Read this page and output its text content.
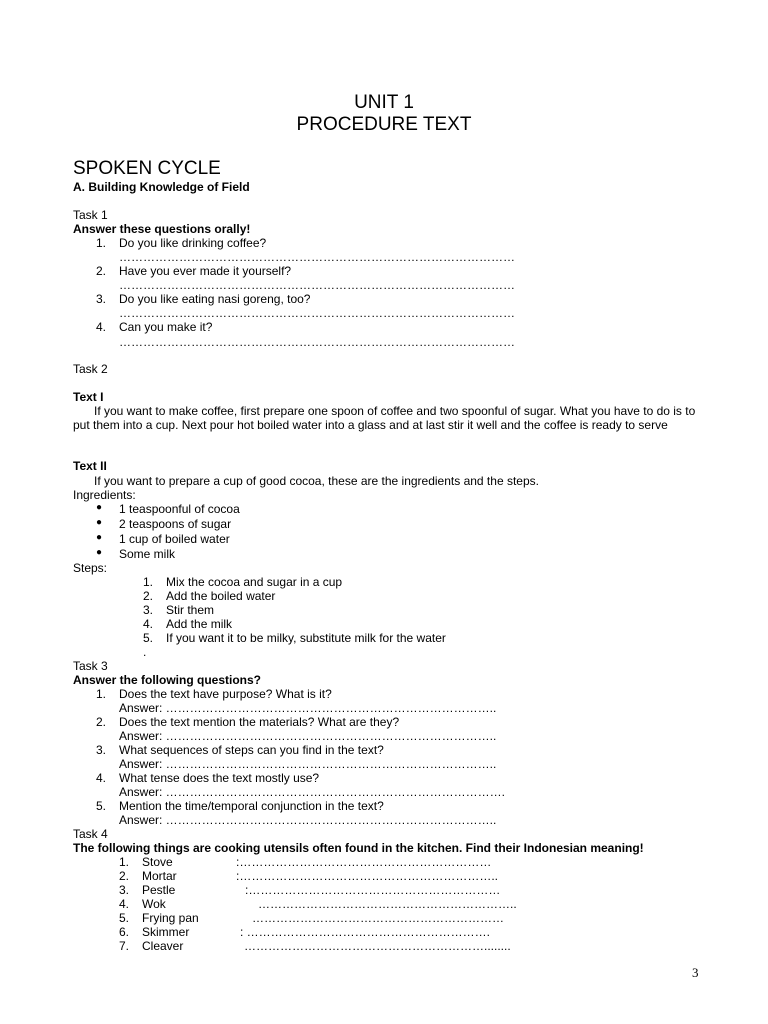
UNIT 1
PROCEDURE TEXT
SPOKEN CYCLE
A. Building Knowledge of Field
Task 1
Answer these questions orally!
1. Do you like drinking coffee?
………………………………………………………………………………………
2. Have you ever made it yourself?
………………………………………………………………………………………
3. Do you like eating nasi goreng, too?
………………………………………………………………………………………
4. Can you make it?
………………………………………………………………………………………
Task 2
Text I
If you want to make coffee, first prepare one spoon of coffee and two spoonful of sugar. What you have to do is to put them into a cup. Next pour hot boiled water into a glass and at last stir it well and the coffee is ready to serve
Text II
If you want to prepare a cup of good cocoa, these are the ingredients and the steps.
Ingredients:
● 1 teaspoonful of cocoa
● 2 teaspoons of sugar
● 1 cup of boiled water
● Some milk
Steps:
1. Mix the cocoa and sugar in a cup
2. Add the boiled water
3. Stir them
4. Add the milk
5. If you want it to be milky, substitute milk for the water
.
Task 3
Answer the following questions?
1. Does the text have purpose? What is it?
Answer: ………………………………………………………………………..
2. Does the text mention the materials? What are they?
Answer: ………………………………………………………………………..
3. What sequences of steps can you find in the text?
Answer: ………………………………………………………………………..
4. What tense does the text mostly use?
Answer: ………………………………………………………………………….
5. Mention the time/temporal conjunction in the text?
Answer: ………………………………………………………………………..
Task 4
The following things are cooking utensils often found in the kitchen. Find their Indonesian meaning!
1. Stove	:………………………………………………………
2. Mortar	:………………………………………………………..
3. Pestle	:………………………………………………………
4. Wok	………………………………………………………..
5. Frying pan	………………………………………………………
6. Skimmer	: …………………………………………………….
7. Cleaver	……………………………………………………........
3
